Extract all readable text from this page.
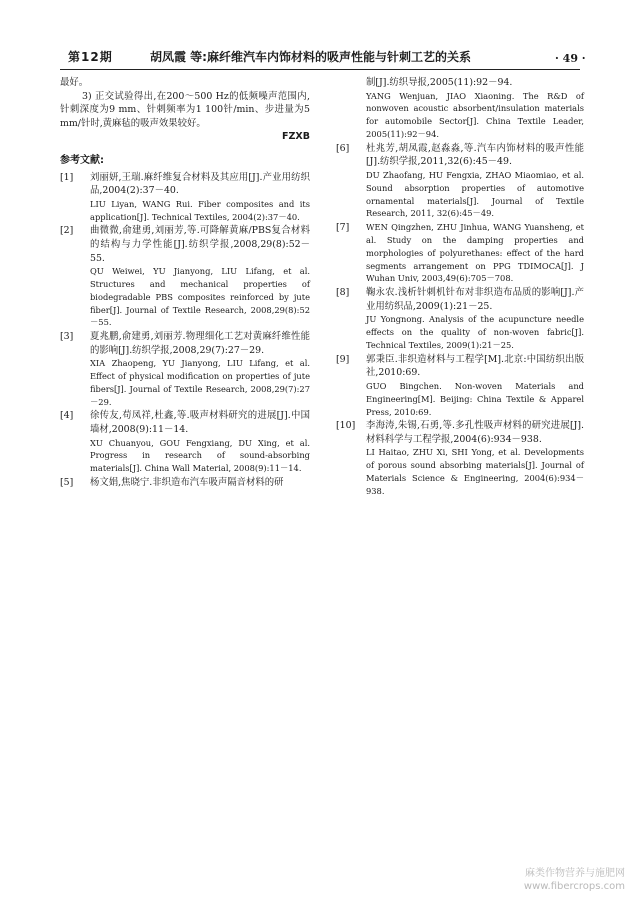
第12期	胡凤霞 等:麻纤维汽车内饰材料的吸声性能与针刺工艺的关系	· 49 ·

最好。

3) 正交试验得出,在200～500 Hz的低频噪声范围内,针刺深度为9 mm、针刺频率为1 100针/min、步进量为5 mm/针时,黄麻毡的吸声效果较好。

FZXB

参考文献:

[1] 刘丽妍,王瑞.麻纤维复合材料及其应用[J].产业用纺织品,2004(2):37－40.

LIU Liyan, WANG Rui. Fiber composites and its application[J]. Technical Textiles, 2004(2):37－40.

[2] 曲微微,俞建勇,刘丽芳,等.可降解黄麻/PBS复合材料的结构与力学性能[J].纺织学报,2008,29(8):52－55.

QU Weiwei, YU Jianyong, LIU Lifang, et al. Structures and mechanical properties of biodegradable PBS composites reinforced by jute fiber[J]. Journal of Textile Research, 2008,29(8):52－55.

[3] 夏兆鹏,俞建勇,刘丽芳.物理细化工艺对黄麻纤维性能的影响[J].纺织学报,2008,29(7):27－29.

XIA Zhaopeng, YU Jianyong, LIU Lifang, et al. Effect of physical modification on properties of jute fibers[J]. Journal of Textile Research, 2008,29(7):27－29.

[4] 徐传友,苟凤祥,杜鑫,等.吸声材料研究的进展[J].中国墙材,2008(9):11－14.

XU Chuanyou, GOU Fengxiang, DU Xing, et al. Progress in research of sound-absorbing materials[J]. China Wall Material, 2008(9):11－14.

[5] 杨文娟,焦晓宁.非织造布汽车吸声隔音材料的研

制[J].纺织导报,2005(11):92－94.

YANG Wenjuan, JIAO Xiaoning. The R&D of nonwoven acoustic absorbent/insulation materials for automobile Sector[J]. China Textile Leader, 2005(11):92－94.

[6] 杜兆芳,胡凤霞,赵淼淼,等.汽车内饰材料的吸声性能[J].纺织学报,2011,32(6):45－49.

DU Zhaofang, HU Fengxia, ZHAO Miaomiao, et al. Sound absorption properties of automotive ornamental materials[J]. Journal of Textile Research, 2011, 32(6):45－49.

[7] WEN Qingzhen, ZHU Jinhua, WANG Yuansheng, et al. Study on the damping properties and morphologies of polyurethanes: effect of the hard segments arrangement on PPG TDIMOCA[J]. J Wuhan Univ, 2003,49(6):705－708.

[8] 鞠永农.浅析针刺机针布对非织造布品质的影响[J].产业用纺织品,2009(1):21－25.

JU Yongnong. Analysis of the acupuncture needle effects on the quality of non-woven fabric[J]. Technical Textiles, 2009(1):21－25.

[9] 郭秉臣.非织造材料与工程学[M].北京:中国纺织出版社,2010:69.

GUO Bingchen. Non-woven Materials and Engineering[M]. Beijing: China Textile & Apparel Press, 2010:69.

[10] 李海涛,朱锡,石勇,等.多孔性吸声材料的研究进展[J].材料科学与工程学报,2004(6):934－938.

LI Haitao, ZHU Xi, SHI Yong, et al. Developments of porous sound absorbing materials[J]. Journal of Materials Science & Engineering, 2004(6):934－938.

麻类作物营养与施肥网
www.fibercrops.com
